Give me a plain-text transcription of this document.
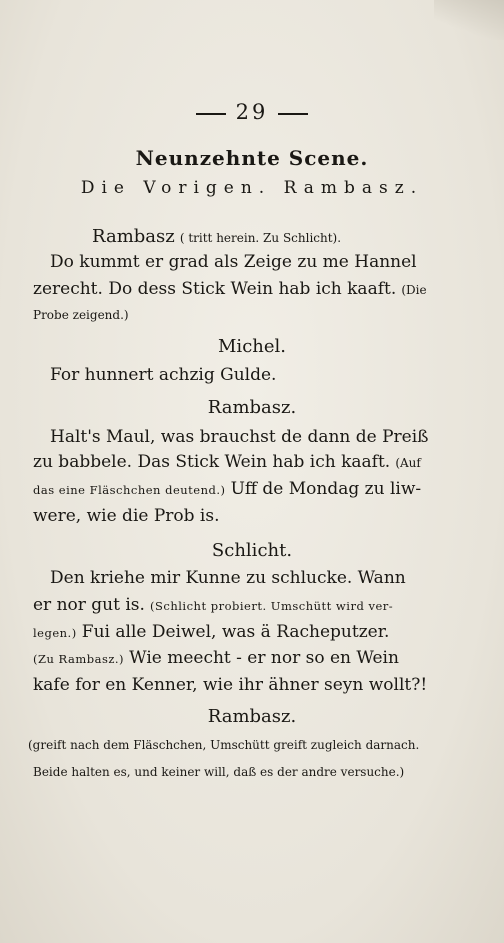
29
Neunzehnte Scene.
Die Vorigen. Rambasz.
Rambasz ( tritt herein. Zu Schlicht).
Do kummt er grad als Zeige zu me Hannel
zerecht. Do dess Stick Wein hab ich kaaft. (Die
Probe zeigend.)
Michel.
For hunnert achzig Gulde.
Rambasz.
Halt's Maul, was brauchst de dann de Preiß
zu babbele. Das Stick Wein hab ich kaaft. (Auf
das eine Fläschchen deutend.) Uff de Mondag zu liw-
were, wie die Prob is.
Schlicht.
Den kriehe mir Kunne zu schlucke. Wann
er nor gut is. (Schlicht probiert. Umschütt wird ver-
legen.) Fui alle Deiwel, was ä Racheputzer.
(Zu Rambasz.) Wie meecht - er nor so en Wein
kafe for en Kenner, wie ihr ähner seyn wollt?!
Rambasz.
(greift nach dem Fläschchen, Umschütt greift zugleich darnach.
Beide halten es, und keiner will, daß es der andre versuche.)
